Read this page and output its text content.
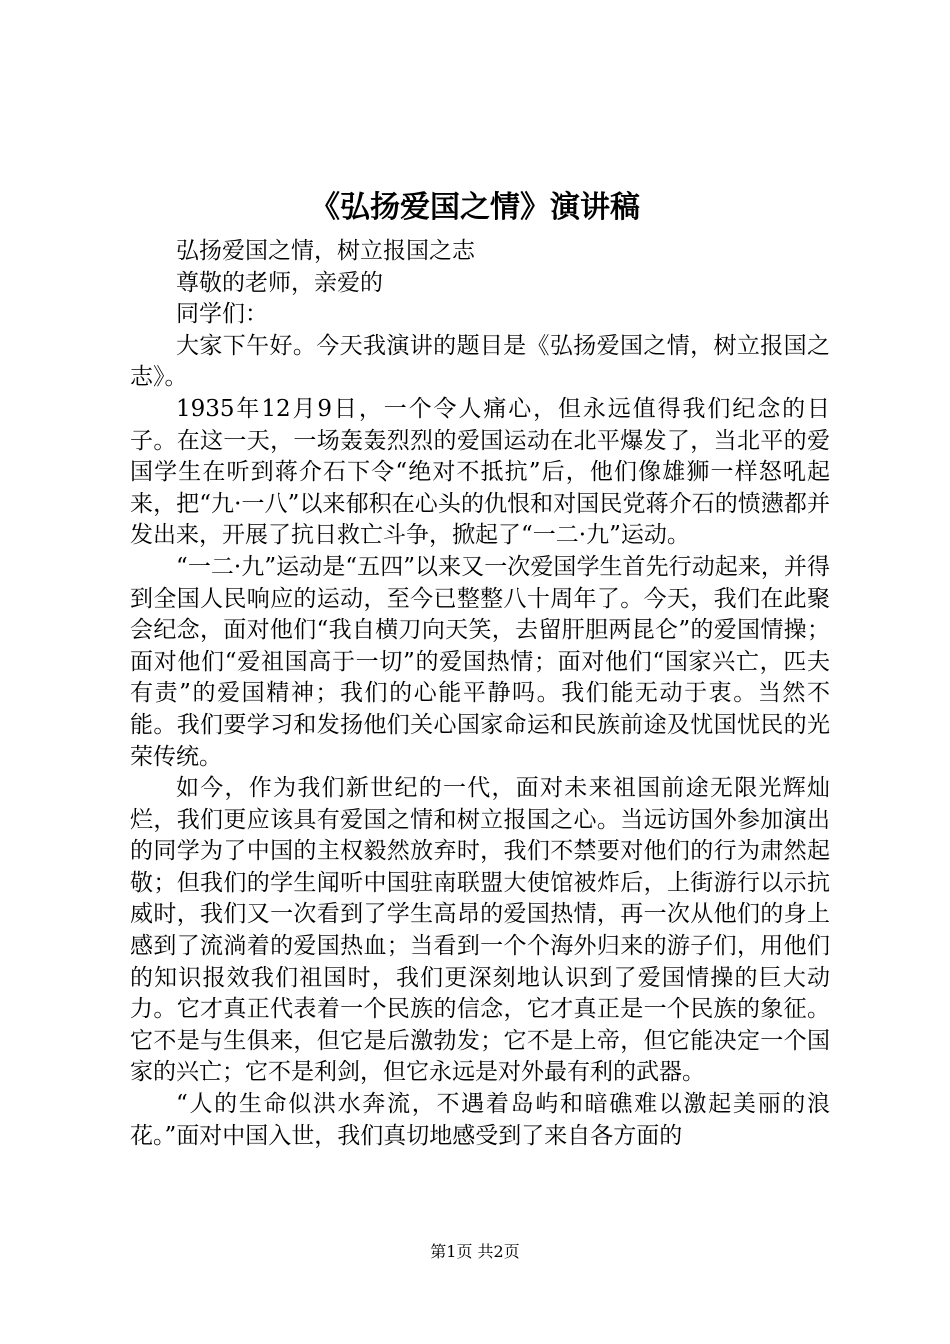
《弘扬爱国之情》演讲稿

弘扬爱国之情，树立报国之志

尊敬的老师，亲爱的

同学们：

大家下午好。今天我演讲的题目是《弘扬爱国之情，树立报国之志》。

1935年12月9日，一个令人痛心，但永远值得我们纪念的日子。在这一天，一场轰轰烈烈的爱国运动在北平爆发了，当北平的爱国学生在听到蒋介石下令“绝对不抵抗”后，他们像雄狮一样怒吼起来，把“九·一八”以来郁积在心头的仇恨和对国民党蒋介石的愤懑都并发出来，开展了抗日救亡斗争，掀起了“一二·九”运动。

“一二·九”运动是“五四”以来又一次爱国学生首先行动起来，并得到全国人民响应的运动，至今已整整八十周年了。今天，我们在此聚会纪念，面对他们“我自横刀向天笑，去留肝胆两昆仑”的爱国情操；面对他们“爱祖国高于一切”的爱国热情；面对他们“国家兴亡，匹夫有责”的爱国精神；我们的心能平静吗。我们能无动于衷。当然不能。我们要学习和发扬他们关心国家命运和民族前途及忧国忧民的光荣传统。

如今，作为我们新世纪的一代，面对未来祖国前途无限光辉灿烂，我们更应该具有爱国之情和树立报国之心。当远访国外参加演出的同学为了中国的主权毅然放弃时，我们不禁要对他们的行为肃然起敬；但我们的学生闻听中国驻南联盟大使馆被炸后，上街游行以示抗威时，我们又一次看到了学生高昂的爱国热情，再一次从他们的身上感到了流淌着的爱国热血；当看到一个个海外归来的游子们，用他们的知识报效我们祖国时，我们更深刻地认识到了爱国情操的巨大动力。它才真正代表着一个民族的信念，它才真正是一个民族的象征。它不是与生俱来，但它是后激勃发；它不是上帝，但它能决定一个国家的兴亡；它不是利剑，但它永远是对外最有利的武器。

“人的生命似洪水奔流，不遇着岛屿和暗礁难以激起美丽的浪花。”面对中国入世，我们真切地感受到了来自各方面的

第1页 共2页
